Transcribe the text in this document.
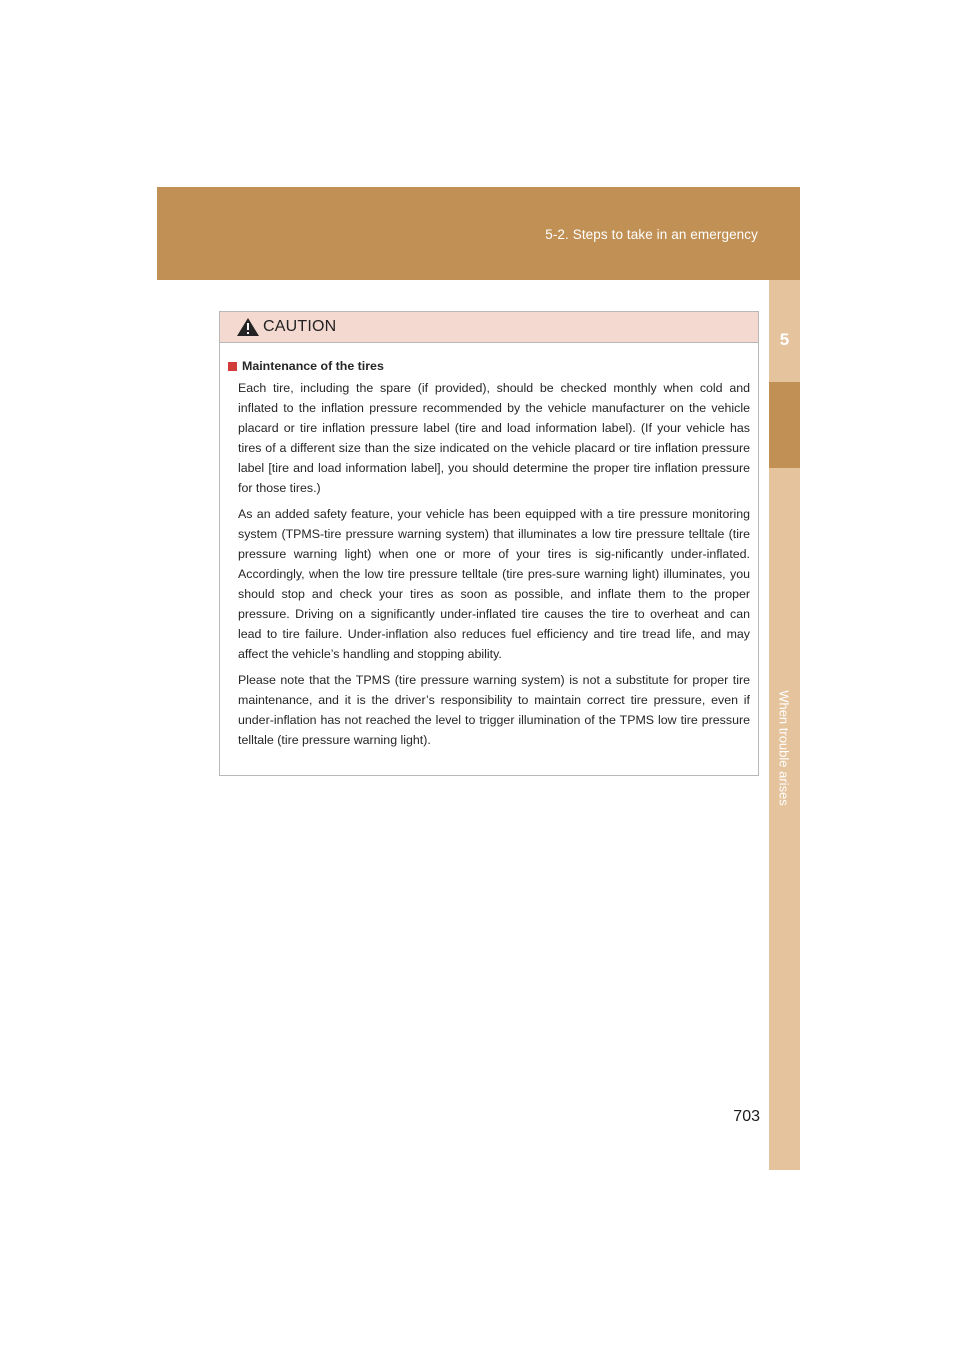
5-2. Steps to take in an emergency
5
When trouble arises
CAUTION
Maintenance of the tires

Each tire, including the spare (if provided), should be checked monthly when cold and inflated to the inflation pressure recommended by the vehicle manufacturer on the vehicle placard or tire inflation pressure label (tire and load information label). (If your vehicle has tires of a different size than the size indicated on the vehicle placard or tire inflation pressure label [tire and load information label], you should determine the proper tire inflation pressure for those tires.)

As an added safety feature, your vehicle has been equipped with a tire pressure monitoring system (TPMS-tire pressure warning system) that illuminates a low tire pressure telltale (tire pressure warning light) when one or more of your tires is sig-nificantly under-inflated. Accordingly, when the low tire pressure telltale (tire pres-sure warning light) illuminates, you should stop and check your tires as soon as possible, and inflate them to the proper pressure. Driving on a significantly under-inflated tire causes the tire to overheat and can lead to tire failure. Under-inflation also reduces fuel efficiency and tire tread life, and may affect the vehicle’s handling and stopping ability.

Please note that the TPMS (tire pressure warning system) is not a substitute for proper tire maintenance, and it is the driver’s responsibility to maintain correct tire pressure, even if under-inflation has not reached the level to trigger illumination of the TPMS low tire pressure telltale (tire pressure warning light).

703
